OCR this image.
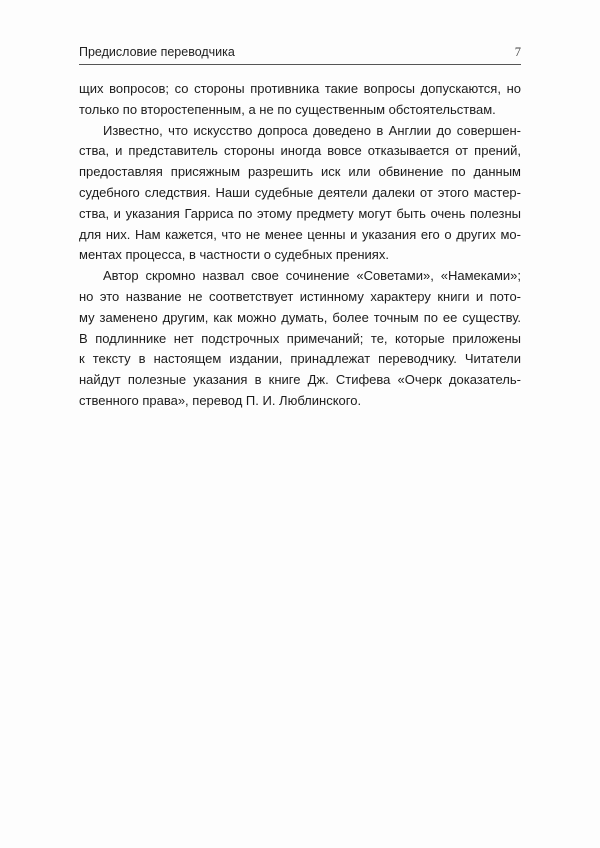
Предисловие переводчика	7

щих вопросов; со стороны противника такие вопросы допускаются, но
только по второстепенным, а не по существенным обстоятельствам.

Известно, что искусство допроса доведено в Англии до совершен-
ства, и представитель стороны иногда вовсе отказывается от прений,
предоставляя присяжным разрешить иск или обвинение по данным
судебного следствия. Наши судебные деятели далеки от этого мастер-
ства, и указания Гарриса по этому предмету могут быть очень полезны
для них. Нам кажется, что не менее ценны и указания его о других мо-
ментах процесса, в частности о судебных прениях.

Автор скромно назвал свое сочинение «Советами», «Намеками»;
но это название не соответствует истинному характеру книги и пото-
му заменено другим, как можно думать, более точным по ее существу.
В подлиннике нет подстрочных примечаний; те, которые приложены
к тексту в настоящем издании, принадлежат переводчику. Читатели
найдут полезные указания в книге Дж. Стифева «Очерк доказатель-
ственного права», перевод П. И. Люблинского.
